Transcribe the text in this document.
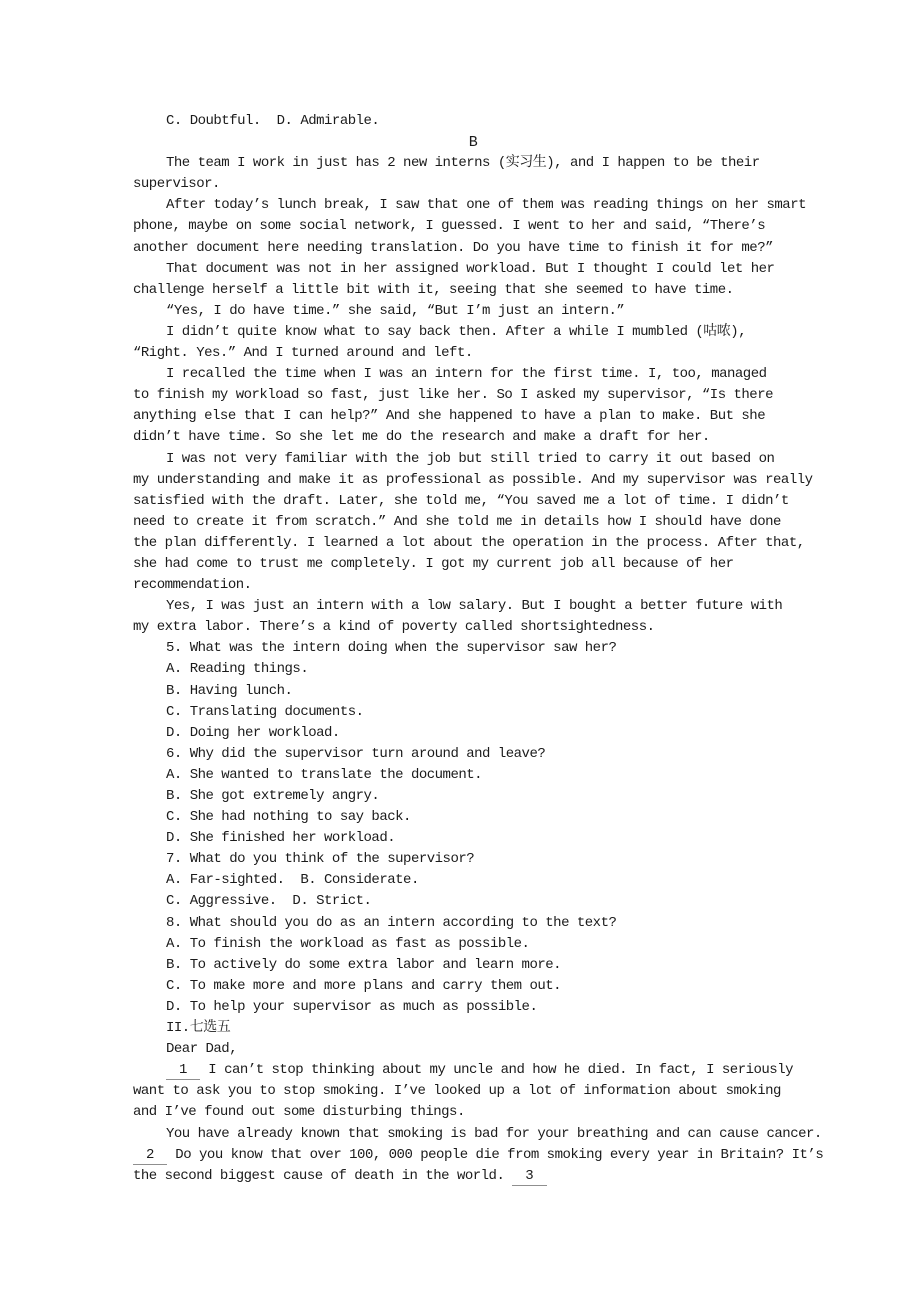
C. Doubtful.  D. Admirable.
B
The team I work in just has 2 new interns (实习生), and I happen to be their
supervisor.
After today’s lunch break, I saw that one of them was reading things on her smart
phone, maybe on some social network, I guessed. I went to her and said, “There’s
another document here needing translation. Do you have time to finish it for me?”
That document was not in her assigned workload. But I thought I could let her
challenge herself a little bit with it, seeing that she seemed to have time.
“Yes, I do have time.” she said, “But I’m just an intern.”
I didn’t quite know what to say back then. After a while I mumbled (咕哝),
“Right. Yes.” And I turned around and left.
I recalled the time when I was an intern for the first time. I, too, managed
to finish my workload so fast, just like her. So I asked my supervisor, “Is there
anything else that I can help?” And she happened to have a plan to make. But she
didn’t have time. So she let me do the research and make a draft for her.
I was not very familiar with the job but still tried to carry it out based on
my understanding and make it as professional as possible. And my supervisor was really
satisfied with the draft. Later, she told me, “You saved me a lot of time. I didn’t
need to create it from scratch.” And she told me in details how I should have done
the plan differently. I learned a lot about the operation in the process. After that,
she had come to trust me completely. I got my current job all because of her
recommendation.
Yes, I was just an intern with a low salary. But I bought a better future with
my extra labor. There’s a kind of poverty called shortsightedness.
5. What was the intern doing when the supervisor saw her?
A. Reading things.
B. Having lunch.
C. Translating documents.
D. Doing her workload.
6. Why did the supervisor turn around and leave?
A. She wanted to translate the document.
B. She got extremely angry.
C. She had nothing to say back.
D. She finished her workload.
7. What do you think of the supervisor?
A. Far-sighted.  B. Considerate.
C. Aggressive.  D. Strict.
8. What should you do as an intern according to the text?
A. To finish the workload as fast as possible.
B. To actively do some extra labor and learn more.
C. To make more and more plans and carry them out.
D. To help your supervisor as much as possible.
II.七选五
Dear Dad,
1 I can’t stop thinking about my uncle and how he died. In fact, I seriously
want to ask you to stop smoking. I’ve looked up a lot of information about smoking
and I’ve found out some disturbing things.
You have already known that smoking is bad for your breathing and can cause cancer.
2 Do you know that over 100, 000 people die from smoking every year in Britain? It’s
the second biggest cause of death in the world. 3
